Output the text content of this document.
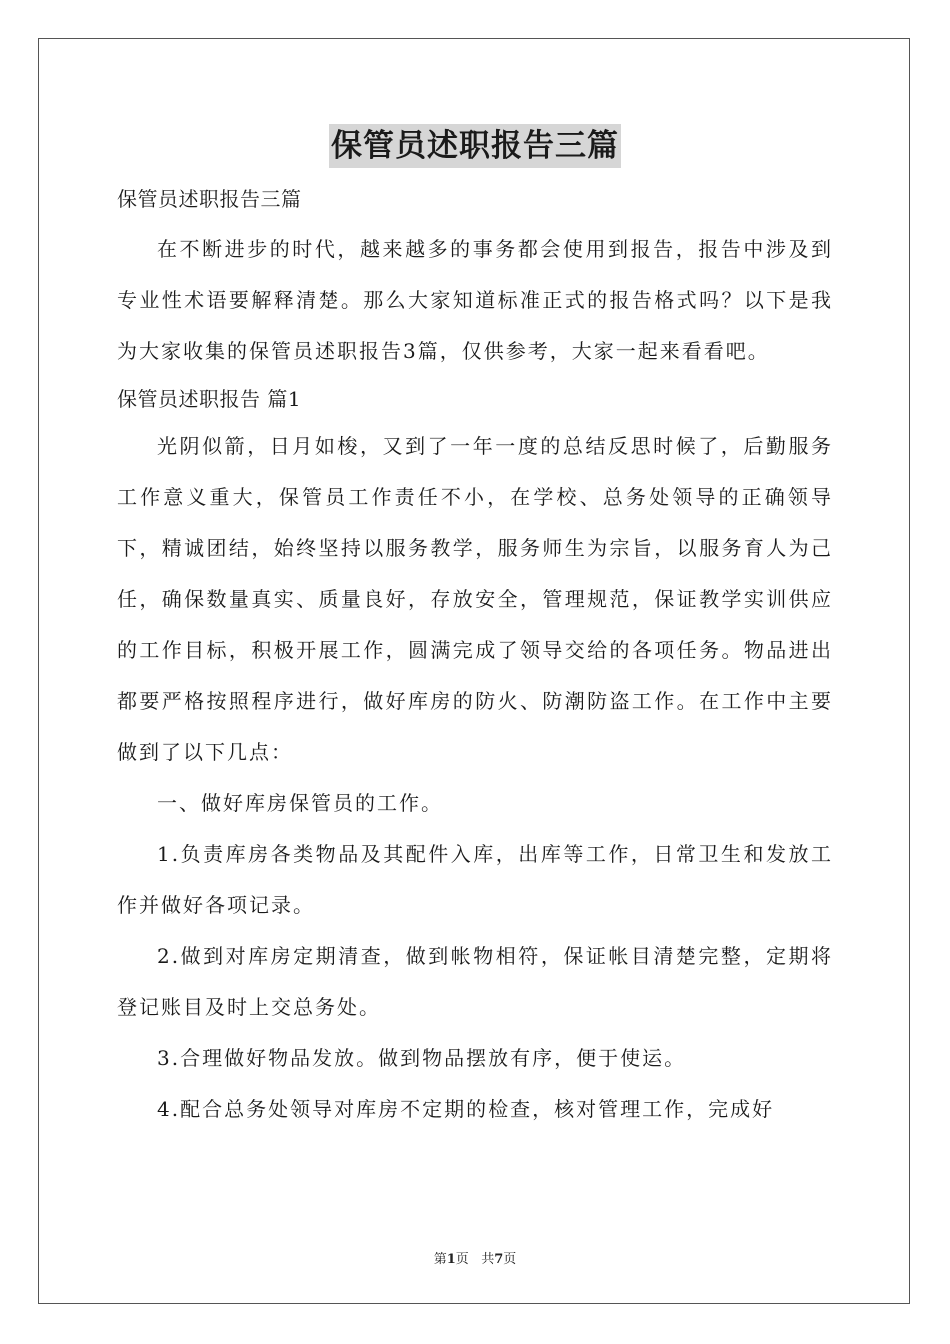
保管员述职报告三篇

保管员述职报告三篇

在不断进步的时代，越来越多的事务都会使用到报告，报告中涉及到专业性术语要解释清楚。那么大家知道标准正式的报告格式吗？以下是我为大家收集的保管员述职报告3篇，仅供参考，大家一起来看看吧。

保管员述职报告 篇1

光阴似箭，日月如梭，又到了一年一度的总结反思时候了，后勤服务工作意义重大，保管员工作责任不小，在学校、总务处领导的正确领导下，精诚团结，始终坚持以服务教学，服务师生为宗旨，以服务育人为己任，确保数量真实、质量良好，存放安全，管理规范，保证教学实训供应的工作目标，积极开展工作，圆满完成了领导交给的各项任务。物品进出都要严格按照程序进行，做好库房的防火、防潮防盗工作。在工作中主要做到了以下几点：

一、做好库房保管员的工作。

1.负责库房各类物品及其配件入库，出库等工作，日常卫生和发放工作并做好各项记录。

2.做到对库房定期清查，做到帐物相符，保证帐目清楚完整，定期将登记账目及时上交总务处。

3.合理做好物品发放。做到物品摆放有序，便于使运。

4.配合总务处领导对库房不定期的检查，核对管理工作，完成好

第1页 共7页
